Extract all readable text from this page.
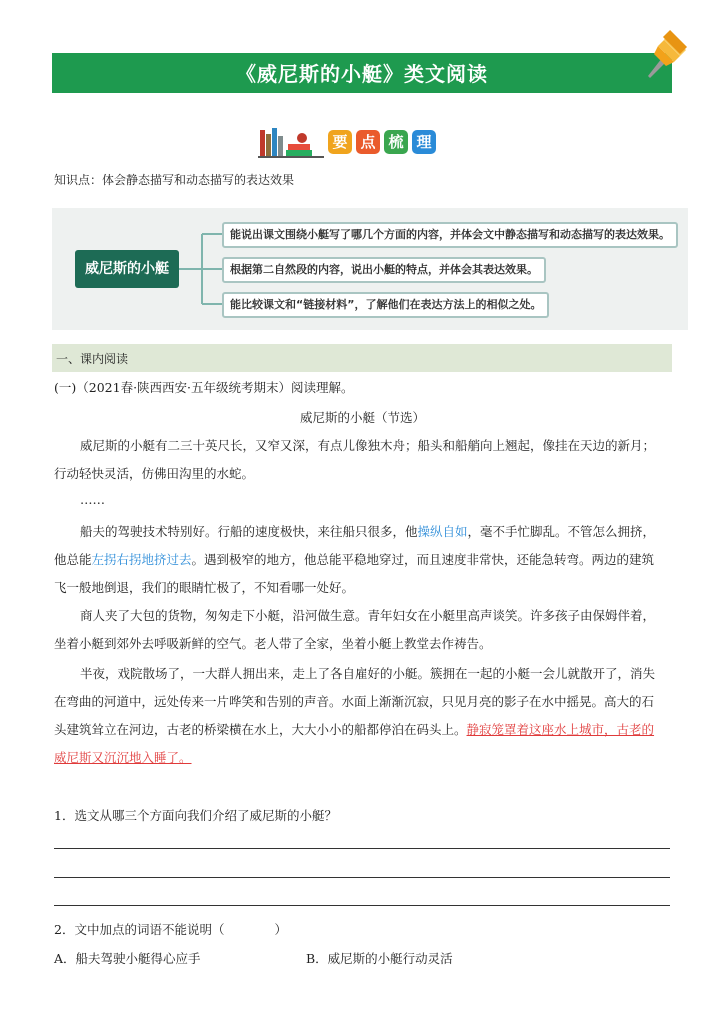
《威尼斯的小艇》类文阅读
要 点 梳 理
知识点：体会静态描写和动态描写的表达效果
威尼斯的小艇
能说出课文围绕小艇写了哪几个方面的内容，并体会文中静态描写和动态描写的表达效果。
根据第二自然段的内容，说出小艇的特点，并体会其表达效果。
能比较课文和“链接材料”，了解他们在表达方法上的相似之处。
一、课内阅读
(一)（2021春·陕西西安·五年级统考期末）阅读理解。
威尼斯的小艇（节选）
威尼斯的小艇有二三十英尺长，又窄又深，有点儿像独木舟；船头和船艄向上翘起，像挂在天边的新月；
行动轻快灵活，仿佛田沟里的水蛇。
……
船夫的驾驶技术特别好。行船的速度极快，来往船只很多，他操纵自如，毫不手忙脚乱。不管怎么拥挤，
他总能左拐右拐地挤过去。遇到极窄的地方，他总能平稳地穿过，而且速度非常快，还能急转弯。两边的建筑
飞一般地倒退，我们的眼睛忙极了，不知看哪一处好。
商人夹了大包的货物，匆匆走下小艇，沿河做生意。青年妇女在小艇里高声谈笑。许多孩子由保姆伴着，
坐着小艇到郊外去呼吸新鲜的空气。老人带了全家，坐着小艇上教堂去作祷告。
半夜，戏院散场了，一大群人拥出来，走上了各自雇好的小艇。簇拥在一起的小艇一会儿就散开了，消失
在弯曲的河道中，远处传来一片哗笑和告别的声音。水面上渐渐沉寂，只见月亮的影子在水中摇晃。高大的石
头建筑耸立在河边，古老的桥梁横在水上，大大小小的船都停泊在码头上。静寂笼罩着这座水上城市，古老的
威尼斯又沉沉地入睡了。
1．选文从哪三个方面向我们介绍了威尼斯的小艇？
2．文中加点的词语不能说明（　　　　）
A．船夫驾驶小艇得心应手	B．威尼斯的小艇行动灵活
